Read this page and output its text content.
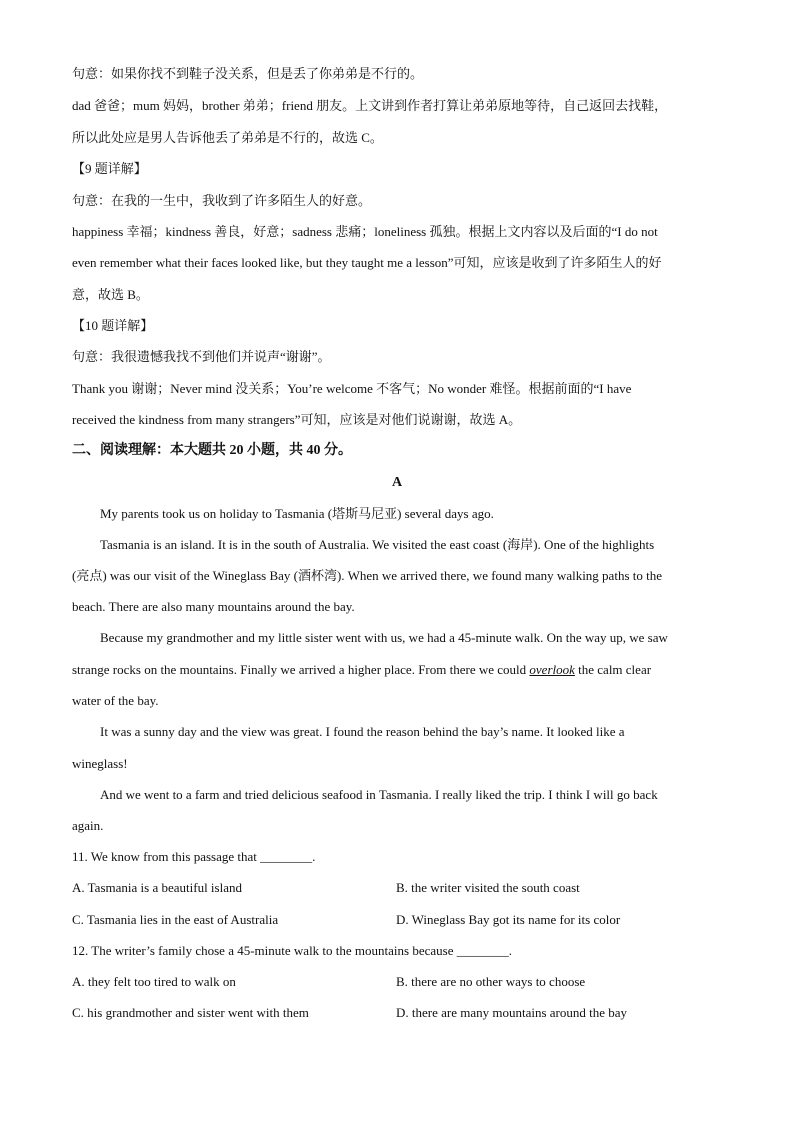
句意：如果你找不到鞋子没关系，但是丢了你弟弟是不行的。
dad 爸爸；mum 妈妈，brother 弟弟；friend 朋友。上文讲到作者打算让弟弟原地等待，自己返回去找鞋，
所以此处应是男人告诉他丢了弟弟是不行的，故选 C。
【9 题详解】
句意：在我的一生中，我收到了许多陌生人的好意。
happiness 幸福；kindness 善良，好意；sadness 悲痛；loneliness 孤独。根据上文内容以及后面的“I do not
even remember what their faces looked like, but they taught me a lesson”可知，应该是收到了许多陌生人的好
意，故选 B。
【10 题详解】
句意：我很遗憾我找不到他们并说声“谢谢”。
Thank you 谢谢；Never mind 没关系；You’re welcome 不客气；No wonder 难怪。根据前面的“I have
received the kindness from many strangers”可知，应该是对他们说谢谢，故选 A。
二、阅读理解：本大题共 20 小题，共 40 分。
A
My parents took us on holiday to Tasmania (塔斯马尼亚) several days ago.
Tasmania is an island. It is in the south of Australia. We visited the east coast (海岸). One of the highlights
(亮点) was our visit of the Wineglass Bay (酒杯湾). When we arrived there, we found many walking paths to the
beach. There are also many mountains around the bay.
Because my grandmother and my little sister went with us, we had a 45-minute walk. On the way up, we saw
strange rocks on the mountains. Finally we arrived a higher place. From there we could overlook the calm clear
water of the bay.
It was a sunny day and the view was great. I found the reason behind the bay’s name. It looked like a
wineglass!
And we went to a farm and tried delicious seafood in Tasmania. I really liked the trip. I think I will go back
again.
11. We know from this passage that ________.
A. Tasmania is a beautiful island	B. the writer visited the south coast
C. Tasmania lies in the east of Australia	D. Wineglass Bay got its name for its color
12. The writer’s family chose a 45-minute walk to the mountains because ________.
A. they felt too tired to walk on	B. there are no other ways to choose
C. his grandmother and sister went with them	D. there are many mountains around the bay
